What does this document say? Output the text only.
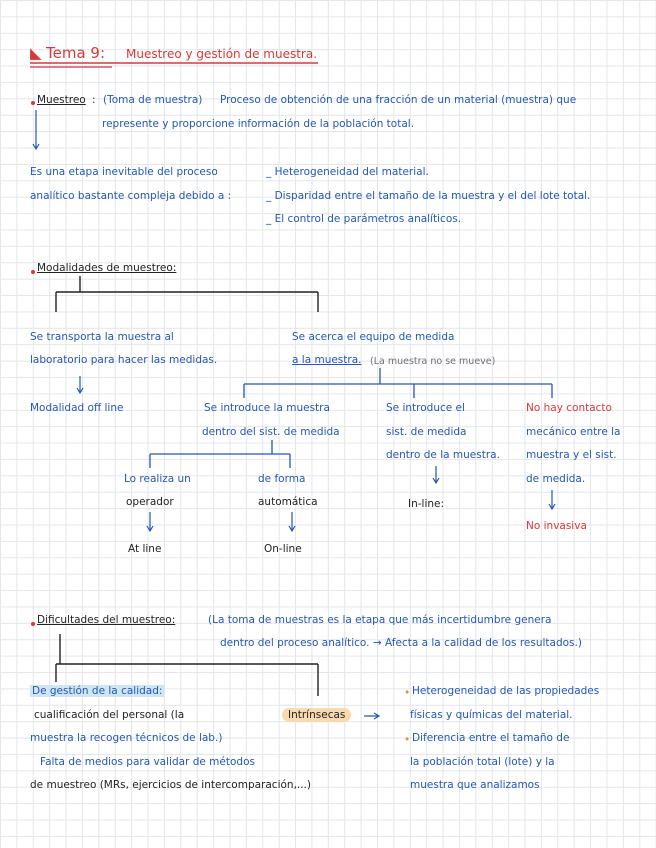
◣ Tema 9: Muestreo y gestión de muestra.
Muestreo : (Toma de muestra) Proceso de obtención de una fracción de un material (muestra) que
represente y proporcione información de la población total.
Es una etapa inevitable del proceso
analítico bastante compleja debido a :
_ Heterogeneidad del material.
_ Disparidad entre el tamaño de la muestra y el del lote total.
_ El control de parámetros analíticos.
Modalidades de muestreo:
Se transporta la muestra al
laboratorio para hacer las medidas.
Se acerca el equipo de medida
a la muestra. (La muestra no se mueve)
Modalidad off line	Se introduce la muestra
dentro del sist. de medida
Se introduce el
sist. de medida
dentro de la muestra.
In-line:
No hay contacto
mecánico entre la
muestra y el sist.
de medida.
No invasiva
Lo realiza un
operador
At line
de forma
automática
On-line
Dificultades del muestreo:	(La toma de muestras es la etapa que más incertidumbre genera
dentro del proceso analítico. → Afecta a la calidad de los resultados.)
De gestión de la calidad:
cualificación del personal (la
muestra la recogen técnicos de lab.)
Falta de medios para validar de métodos
de muestreo (MRs, ejercicios de intercomparación,...)
Intrínsecas
• Heterogeneidad de las propiedades
físicas y químicas del material.
• Diferencia entre el tamaño de
la población total (lote) y la
muestra que analizamos
